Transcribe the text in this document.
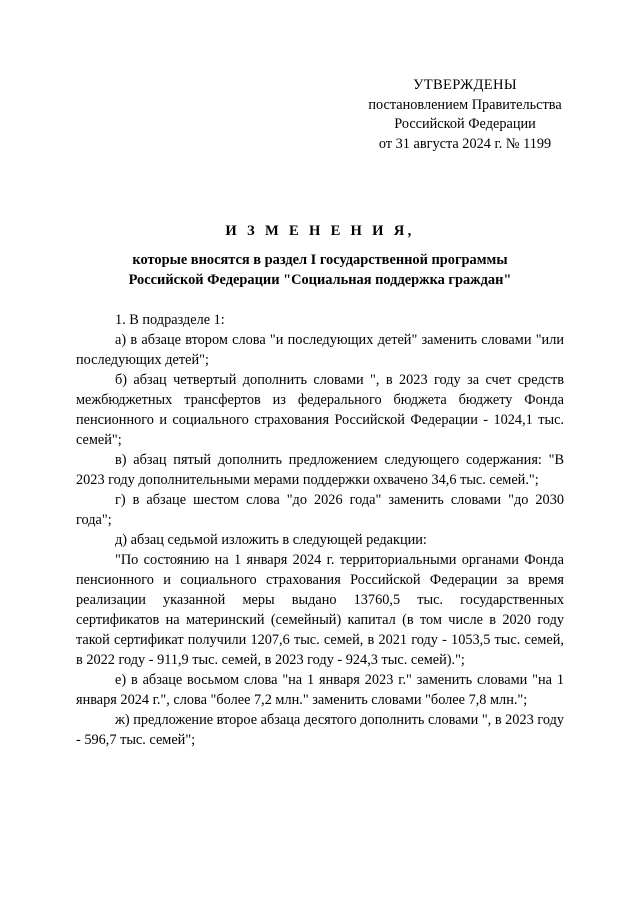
УТВЕРЖДЕНЫ
постановлением Правительства
Российской Федерации
от 31 августа 2024 г. № 1199
И З М Е Н Е Н И Я,
которые вносятся в раздел I государственной программы
Российской Федерации "Социальная поддержка граждан"

1. В подразделе 1:

а) в абзаце втором слова "и последующих детей" заменить словами "или последующих детей";

б) абзац четвертый дополнить словами ", в 2023 году за счет средств межбюджетных трансфертов из федерального бюджета бюджету Фонда пенсионного и социального страхования Российской Федерации - 1024,1 тыс. семей";

в) абзац пятый дополнить предложением следующего содержания: "В 2023 году дополнительными мерами поддержки охвачено 34,6 тыс. семей.";

г) в абзаце шестом слова "до 2026 года" заменить словами "до 2030 года";

д) абзац седьмой изложить в следующей редакции:

"По состоянию на 1 января 2024 г. территориальными органами Фонда пенсионного и социального страхования Российской Федерации за время реализации указанной меры выдано 13760,5 тыс. государственных сертификатов на материнский (семейный) капитал (в том числе в 2020 году такой сертификат получили 1207,6 тыс. семей, в 2021 году - 1053,5 тыс. семей, в 2022 году - 911,9 тыс. семей, в 2023 году - 924,3 тыс. семей).";

е) в абзаце восьмом слова "на 1 января 2023 г." заменить словами "на 1 января 2024 г.", слова "более 7,2 млн." заменить словами "более 7,8 млн.";

ж) предложение второе абзаца десятого дополнить словами ", в 2023 году - 596,7 тыс. семей";
